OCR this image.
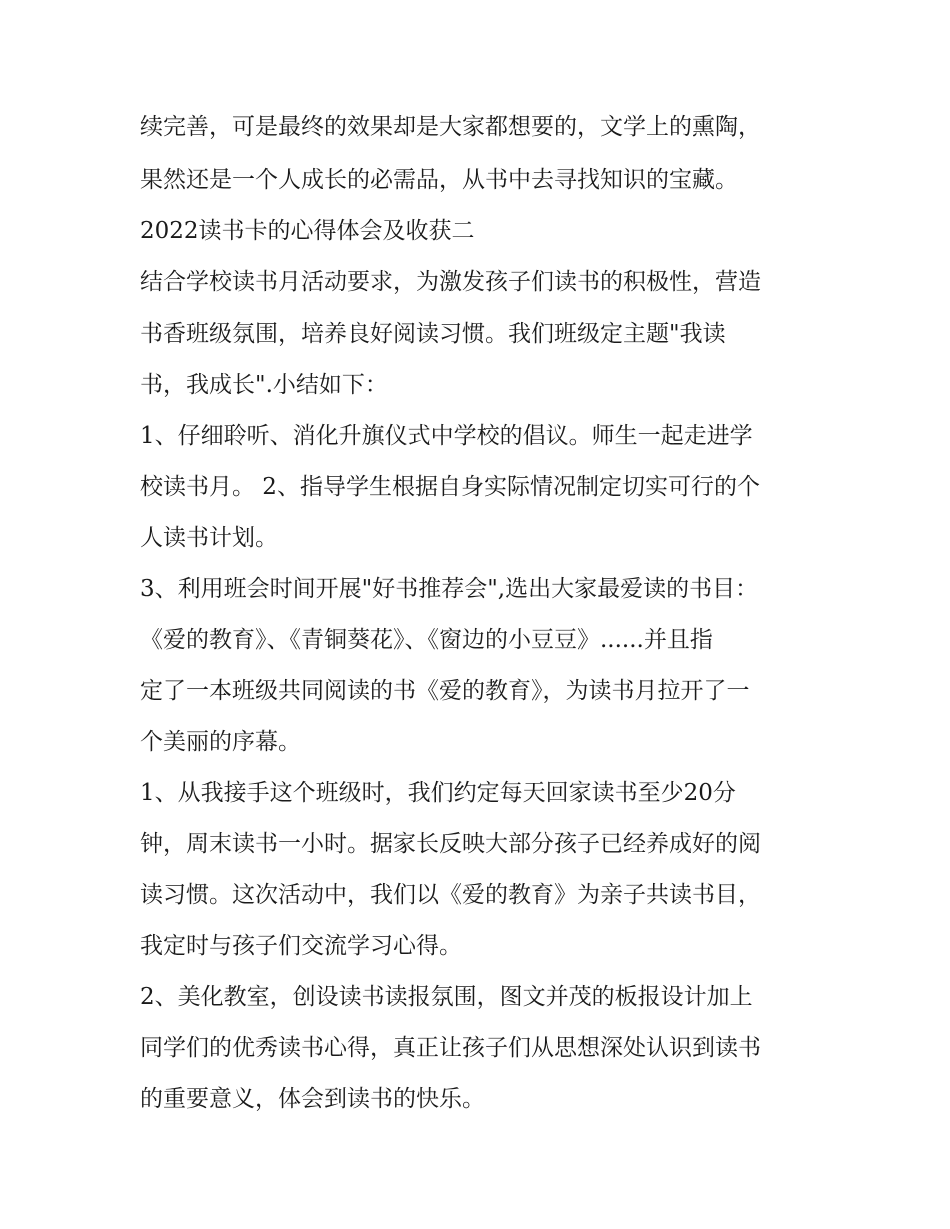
续完善，可是最终的效果却是大家都想要的，文学上的熏陶，
果然还是一个人成长的必需品，从书中去寻找知识的宝藏。
2022读书卡的心得体会及收获二
结合学校读书月活动要求，为激发孩子们读书的积极性，营造
书香班级氛围，培养良好阅读习惯。我们班级定主题"我读
书，我成长".小结如下：
1、仔细聆听、消化升旗仪式中学校的倡议。师生一起走进学
校读书月。 2、指导学生根据自身实际情况制定切实可行的个
人读书计划。
3、利用班会时间开展"好书推荐会",选出大家最爱读的书目：
《爱的教育》、《青铜葵花》、《窗边的小豆豆》......并且指
定了一本班级共同阅读的书《爱的教育》，为读书月拉开了一
个美丽的序幕。
1、从我接手这个班级时，我们约定每天回家读书至少20分
钟，周末读书一小时。据家长反映大部分孩子已经养成好的阅
读习惯。这次活动中，我们以《爱的教育》为亲子共读书目，
我定时与孩子们交流学习心得。
2、美化教室，创设读书读报氛围，图文并茂的板报设计加上
同学们的优秀读书心得，真正让孩子们从思想深处认识到读书
的重要意义，体会到读书的快乐。
